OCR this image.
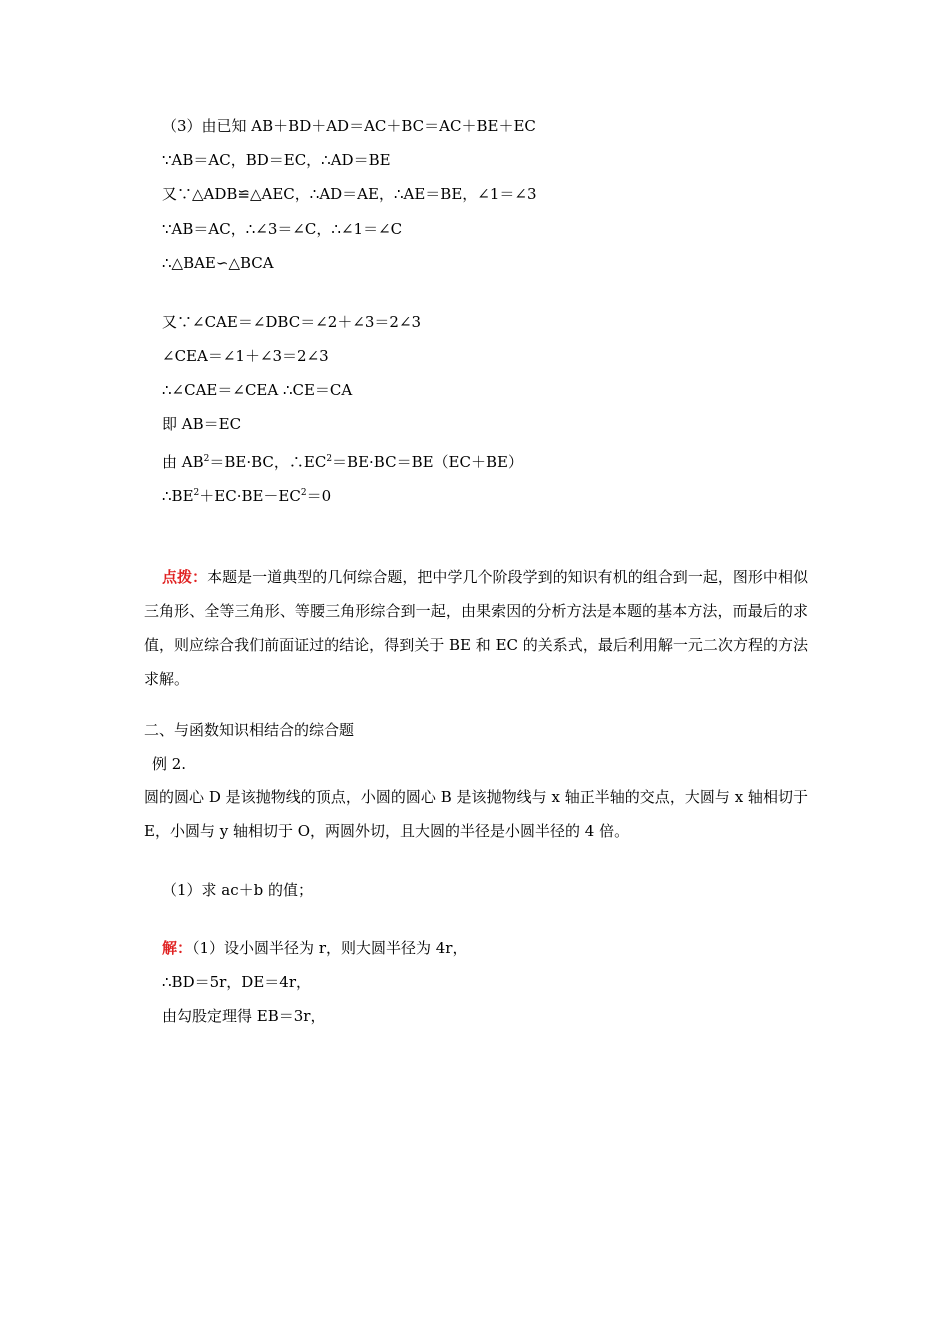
（3）由已知 AB＋BD＋AD＝AC＋BC＝AC＋BE＋EC
∵AB＝AC，BD＝EC，∴AD＝BE
又∵△ADB≌△AEC，∴AD＝AE，∴AE＝BE，∠1＝∠3
∵AB＝AC，∴∠3＝∠C，∴∠1＝∠C
∴△BAE∽△BCA
又∵∠CAE＝∠DBC＝∠2＋∠3＝2∠3
∠CEA＝∠1＋∠3＝2∠3
∴∠CAE＝∠CEA ∴CE＝CA
即 AB＝EC
由 $AB^2=BE\cdot BC$，$\therefore EC^2=BE\cdot BC=BE(EC+BE)$
$\therefore BE^2+EC\cdot BE-EC^2=0$
点拨：本题是一道典型的几何综合题，把中学几个阶段学到的知识有机的组合到一起，图形中相似三角形、全等三角形、等腰三角形综合到一起，由果索因的分析方法是本题的基本方法，而最后的求值，则应综合我们前面证过的结论，得到关于 BE 和 EC 的关系式，最后利用解一元二次方程的方法求解。
二、与函数知识相结合的综合题
例 2.
圆的圆心 D 是该抛物线的顶点，小圆的圆心 B 是该抛物线与 x 轴正半轴的交点，大圆与 x 轴相切于 E，小圆与 y 轴相切于 O，两圆外切，且大圆的半径是小圆半径的 4 倍。
（1）求 ac＋b 的值；
解：（1）设小圆半径为 r，则大圆半径为 4r，
∴BD＝5r，DE＝4r，
由勾股定理得 EB＝3r，
